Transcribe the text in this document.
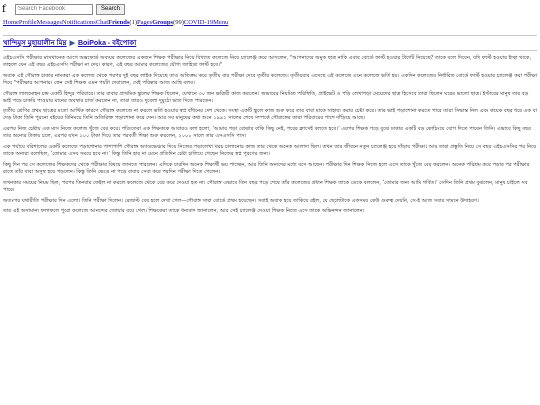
f
Search Facebook	Search
HomeProfileMessagesNotificationsChatFriends(1)PagesGroups(99)COVID-19Menu
খান্দিমুস মুহায়ালীন মিম্ন ▶ BoiPoka - বইপোকা

এইচএসসি পরীক্ষার মাসখানেক আগে অক্সফোর্ড অব্যয়র কলেজের একজন শিক্ষক পরীক্ষার নিয়ে বিখ্যাত কলেজে নিয়ে চ্যালেঞ্জ করে আসলেন, "আপনাদের অমুক ছাত্র নাকি এবার বোর্ডে ফার্স্ট হওয়ার টার্গেট নিয়েছে? তাকে বলে দিবেন, যদি ফার্স্ট হওয়ার ইচ্ছা থাকে, তাহলে যেন এই বছর এইচএসসি পরীক্ষা না দেয়। কারণ, এই বছর আমার কলেজের যৌগ্য জাহিদ্রা ফার্স্ট হবে।"

অবাক এই গৌরাঙ্গ চাকার নামকরা এক কলেজ থেকে পরপর দুই বছর লাইক দিয়েছে তাও অতিক্রম করে তৃতীয় বার পরীক্ষা দেবে তৃতীয় কলেজে। তৃতীয়বার এসেছে এই কলেজে এনে কলেজে ভর্তি হয়। একদিন কলেজের নির্ধারিত বোর্ডে ফার্স্ট হওয়ার চ্যালেঞ্জ করা পরীক্ষা দিয়ে "পরীক্ষার আপনার। কেন সেই শিক্ষক এমন পর্যটা দেবালেন, সেই পরিষ্কার আজ আছি বলব।

গৌরাঙ্গ লালমোহন চন্দ্র একটি হিন্দুর পরিবারে। তার বাবার প্রাথমিক স্কুলের শিক্ষক ছিলেন, যেখানে ৩০ জন ক্ষত্রিয়ী কাজ করতেন। অভাবের নিয়মিত পরিস্থিতি, প্রাইভেট ও পড়ি লেখাপড়া মেয়েদের ছাত্র হিসেবে তারা ছিলেন ঘরের ভালো ছাত্র। ইণ্টারের মানুষ তার বড় ভাই পড়ে চাকরি পাওয়ার মানের অবস্থার চার্জ করতেন না, তারা তারও দুবেলা দুমুঠো ভাত দিতে পারতেন।

তৃতীয় শ্রেণির প্রথম ছাত্রের মতো আর্থিক কারণে গৌরাঙ্গ কলেজে না করলে ভর্তি হওয়ার স্বপ্ন বাঁধনের দেশ থেকে। সংস্থা একটি স্কুলে কাজ শুরু করে তার বাবা মাকে সাহায্য করার চেষ্টা করে। তার ভাই পড়াশোনা করতে পারে তারা সিদ্ধান্ত নিল এবং কয়েক বছর ধরে এক বা দেড় টাকা তিনি পুরনো বইয়ের বিনিময়ে তিনি অতিরিক্ত পড়াশোনা করে দেন। আর সব মানুষের কথা শুনে ১৯৯২ সালের শেষে সম্পর্কে গৌরাঙ্গের তারা পরিবারের পাশে দাঁড়িয়ে আছে।

এরপর নিজ চেষ্টায় এক মাস নিজে কলেজ খুঁজে বের করে। পণ্ডিতেরা এক শিক্ষককে আবারও বলা হলো, ‘আমার পড়া বোঝার বাকি কিছু নেই, পরের ক্লাসেই বলতে হবে।’ এরপর শিক্ষক পড়ে বুঝে ঢাকার একটি বড় কোচিংয়ে যোগ দিতে পারেন তিনি। এভাবে কিছু বছর তার অন্যের টাকায় চলে, এরপর যখন ১০০ টাকা দিয়ে তার পরবর্তী শিক্ষা শুরু করলেন, ২০০০ সালে তার এসএসসি পাস।

এক পর্যায়ে বরিশালের একটি কলেজে পড়াশোনার পাশাপাশি গৌরাঙ্গ অ্যাডভেঞ্চার দিয়ে নিজের পড়ালেখা খরচ চালানোর কাজ তার থেকে অনেক আলাদা ছিল। তখন তার জীবনে নতুন চ্যালেঞ্জ হয়ে দাঁড়ায় পরীক্ষা। আর তারা প্রস্তুতি নিয়ে সে বছর এইচএসসির পর নিয়ে তাকে অন্যরা বলেছিল, ‘তোমার এসব সময়ে হবে না।’ কিন্তু তিনি হার না মেনে প্রতিদিন চেষ্টা চালিয়ে গেছেন নিজের স্বপ্ন পূরণের জন্য।

কিছু দিন পর সে কলেজের শিক্ষকদের থেকে পরীক্ষার বিষয়ে জানতে পারলেন। এদিকে চারদিন অনেক শিক্ষার্থী ভয় পাচ্ছেন, আর তিনি অন্যদের মধ্যে বসে আছেন। পরীক্ষার দিন শিক্ষক নিজে হলে এসে তাকে খুঁজে বের করলেন। অনেক পরিশ্রম করে পড়ার পর পরীক্ষার রাতে তাঁর বাবা অসুস্থ হয়ে পড়লেন। কিন্তু তিনি ভেঙে না পড়ে বাবার সেবা করে পরদিন পরীক্ষা দিতে গেলেন।

তখনকার সময়ের নিয়ম ছিল, পরপর তিনবার ফেইল না করলে কলেজে থেকে বের করে দেওয়া হত না। গৌরাঙ্গ এভাবে তিন বছর পড়ে শেষে তাঁর কলেজের প্রধান শিক্ষক তাকে ডেকে বললেন, ‘তোমার জন্য আমি গর্বিত।’ সেদিন তিনি প্রথম বুঝলেন, মানুষ চাইলে সব পারে।

অতঃপর যথারীতি পরীক্ষার দিন এলো। তিনি পরীক্ষা দিলেন। রেজাল্ট বের হলে দেখা গেল—গৌরাঙ্গ সারা বোর্ডে প্রথম হয়েছেন। সবাই অবাক হয়ে তাকিয়ে রইল, যে ছেলেটাকে একসময় কেউ গুরুত্ব দেয়নি, সে-ই আজ সবার সামনে উদাহরণ।

তার এই অসামান্য ফলাফলে পুরো কলেজে আনন্দের জোয়ার বয়ে গেল। শিক্ষকেরা তাকে ধন্যবাদ জানালেন, আর সেই চ্যালেঞ্জ দেওয়া শিক্ষক নিজে এসে তাকে অভিনন্দন জানালেন।
